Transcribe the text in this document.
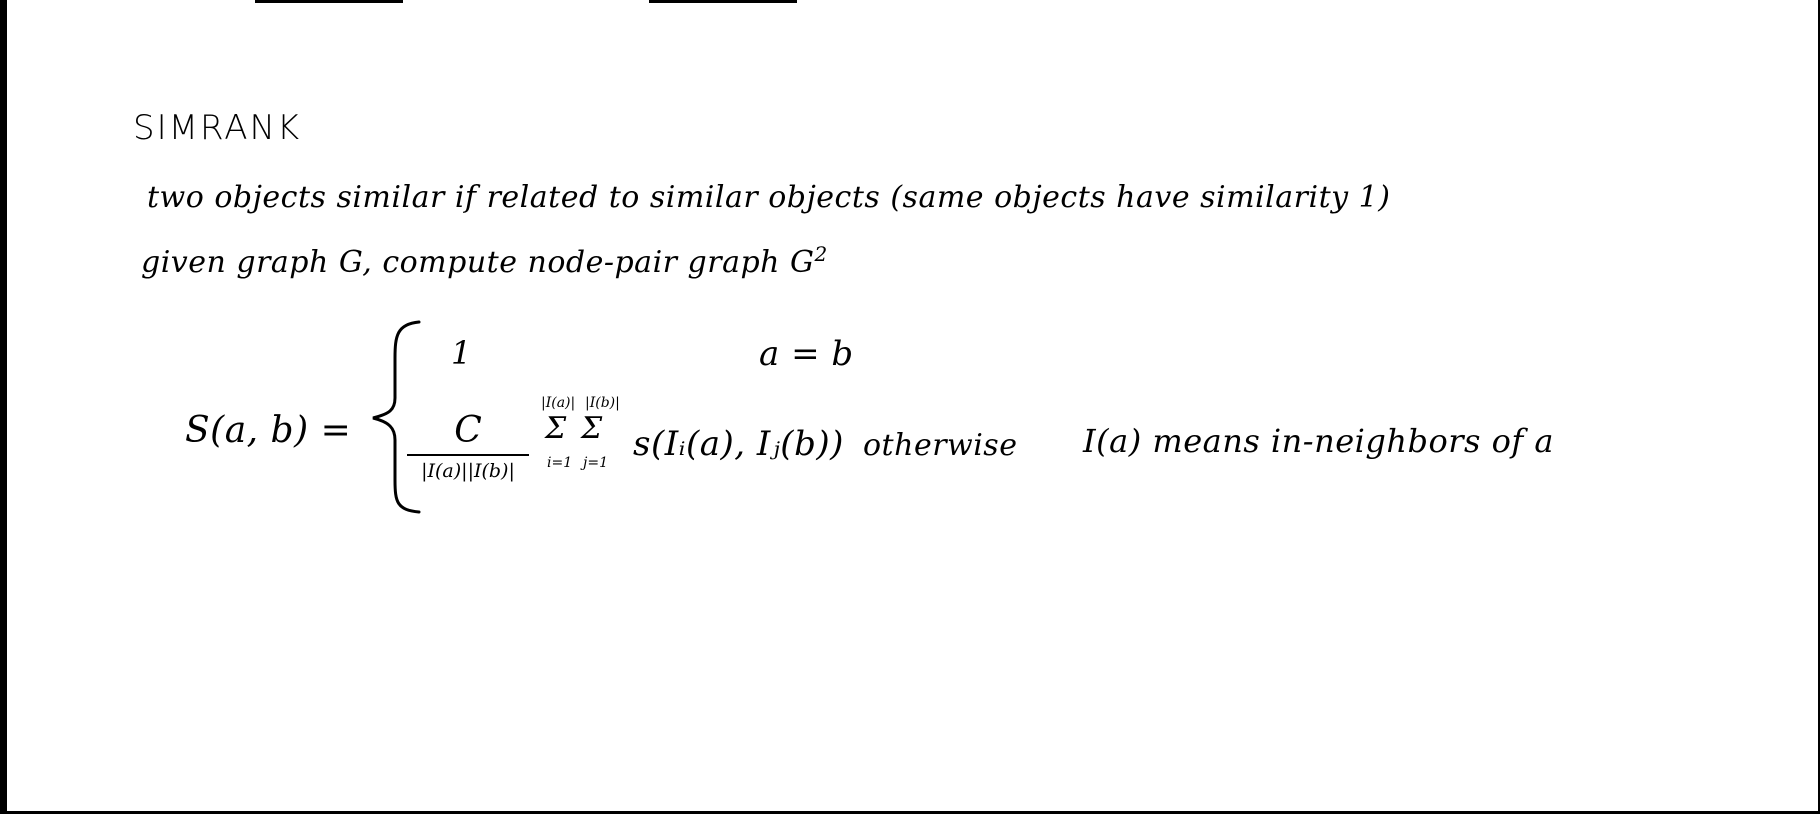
SIMRANK
two objects similar if related to similar objects (same objects have similarity 1)
given graph G, compute node-pair graph $G^2$
S(a, b) =
1	a = b
C
|I(a)||I(b)|
|I(a)| |I(b)|
Σ Σ
i=1 j=1 s(Iᵢ(a), Iⱼ(b)) otherwise I(a) means in-neighbors of a
